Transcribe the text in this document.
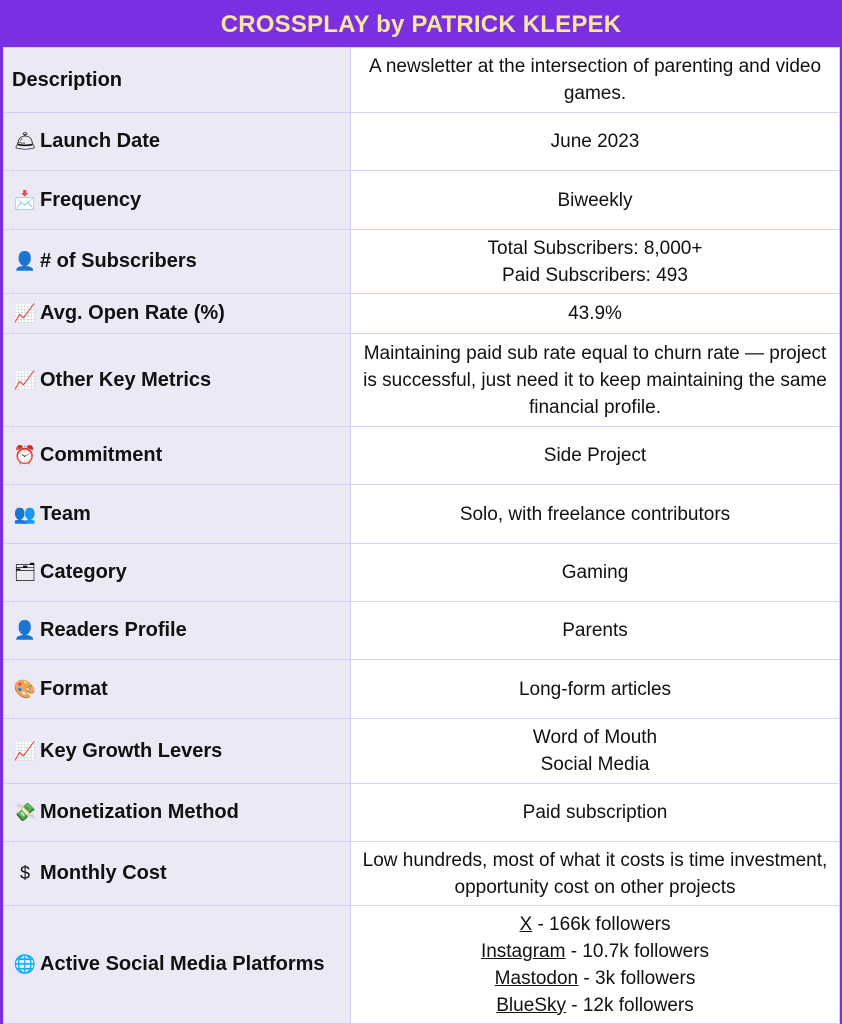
CROSSPLAY by PATRICK KLEPEK
Description	A newsletter at the intersection of parenting and video games.

🛎 Launch Date	June 2023

📩 Frequency	Biweekly

👤 # of Subscribers	Total Subscribers: 8,000+
Paid Subscribers: 493

📈 Avg. Open Rate (%)	43.9%

📈 Other Key Metrics	Maintaining paid sub rate equal to churn rate — project is successful, just need it to keep maintaining the same financial profile.

⏰ Commitment	Side Project

👥 Team	Solo, with freelance contributors

🗂 Category	Gaming

👤 Readers Profile	Parents

🎨 Format	Long-form articles

📈 Key Growth Levers	Word of Mouth
Social Media

💸 Monetization Method	Paid subscription

$ Monthly Cost	Low hundreds, most of what it costs is time investment, opportunity cost on other projects

🌐 Active Social Media Platforms	X - 166k followers
Instagram - 10.7k followers
Mastodon - 3k followers
BlueSky - 12k followers
